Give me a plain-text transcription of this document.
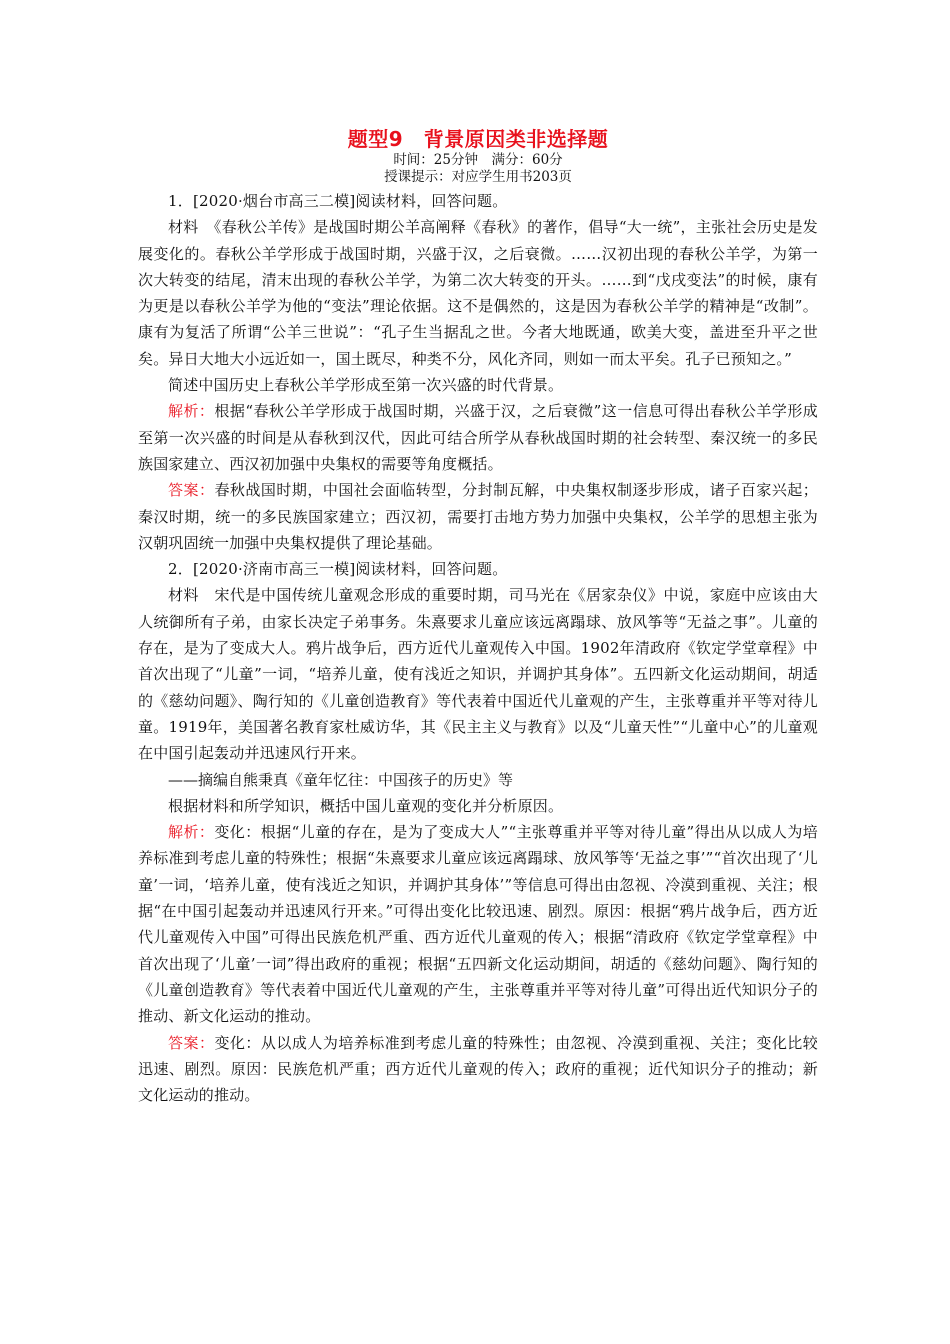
题型9　背景原因类非选择题

时间：25分钟　满分：60分

授课提示：对应学生用书203页

1．[2020·烟台市高三二模]阅读材料，回答问题。

材料　《春秋公羊传》是战国时期公羊高阐释《春秋》的著作，倡导“大一统”，主张社会历史是发展变化的。春秋公羊学形成于战国时期，兴盛于汉，之后衰微。……汉初出现的春秋公羊学，为第一次大转变的结尾，清末出现的春秋公羊学，为第二次大转变的开头。……到“戊戌变法”的时候，康有为更是以春秋公羊学为他的“变法”理论依据。这不是偶然的，这是因为春秋公羊学的精神是“改制”。康有为复活了所谓“公羊三世说”：“孔子生当据乱之世。今者大地既通，欧美大变，盖进至升平之世矣。异日大地大小远近如一，国土既尽，种类不分，风化齐同，则如一而太平矣。孔子已预知之。”

简述中国历史上春秋公羊学形成至第一次兴盛的时代背景。

解析：根据“春秋公羊学形成于战国时期，兴盛于汉，之后衰微”这一信息可得出春秋公羊学形成至第一次兴盛的时间是从春秋到汉代，因此可结合所学从春秋战国时期的社会转型、秦汉统一的多民族国家建立、西汉初加强中央集权的需要等角度概括。

答案：春秋战国时期，中国社会面临转型，分封制瓦解，中央集权制逐步形成，诸子百家兴起；秦汉时期，统一的多民族国家建立；西汉初，需要打击地方势力加强中央集权，公羊学的思想主张为汉朝巩固统一加强中央集权提供了理论基础。

2．[2020·济南市高三一模]阅读材料，回答问题。

材料　宋代是中国传统儿童观念形成的重要时期，司马光在《居家杂仪》中说，家庭中应该由大人统御所有子弟，由家长决定子弟事务。朱熹要求儿童应该远离蹋球、放风筝等“无益之事”。儿童的存在，是为了变成大人。鸦片战争后，西方近代儿童观传入中国。1902年清政府《钦定学堂章程》中首次出现了“儿童”一词，“培养儿童，使有浅近之知识，并调护其身体”。五四新文化运动期间，胡适的《慈幼问题》、陶行知的《儿童创造教育》等代表着中国近代儿童观的产生，主张尊重并平等对待儿童。1919年，美国著名教育家杜威访华，其《民主主义与教育》以及“儿童天性”“儿童中心”的儿童观在中国引起轰动并迅速风行开来。

——摘编自熊秉真《童年忆往：中国孩子的历史》等

根据材料和所学知识，概括中国儿童观的变化并分析原因。

解析：变化：根据“儿童的存在，是为了变成大人”“主张尊重并平等对待儿童”得出从以成人为培养标准到考虑儿童的特殊性；根据“朱熹要求儿童应该远离蹋球、放风筝等‘无益之事’”“首次出现了‘儿童’一词，‘培养儿童，使有浅近之知识，并调护其身体’”等信息可得出由忽视、冷漠到重视、关注；根据“在中国引起轰动并迅速风行开来。”可得出变化比较迅速、剧烈。原因：根据“鸦片战争后，西方近代儿童观传入中国”可得出民族危机严重、西方近代儿童观的传入；根据“清政府《钦定学堂章程》中首次出现了‘儿童’一词”得出政府的重视；根据“五四新文化运动期间，胡适的《慈幼问题》、陶行知的《儿童创造教育》等代表着中国近代儿童观的产生，主张尊重并平等对待儿童”可得出近代知识分子的推动、新文化运动的推动。

答案：变化：从以成人为培养标准到考虑儿童的特殊性；由忽视、冷漠到重视、关注；变化比较迅速、剧烈。原因：民族危机严重；西方近代儿童观的传入；政府的重视；近代知识分子的推动；新文化运动的推动。
